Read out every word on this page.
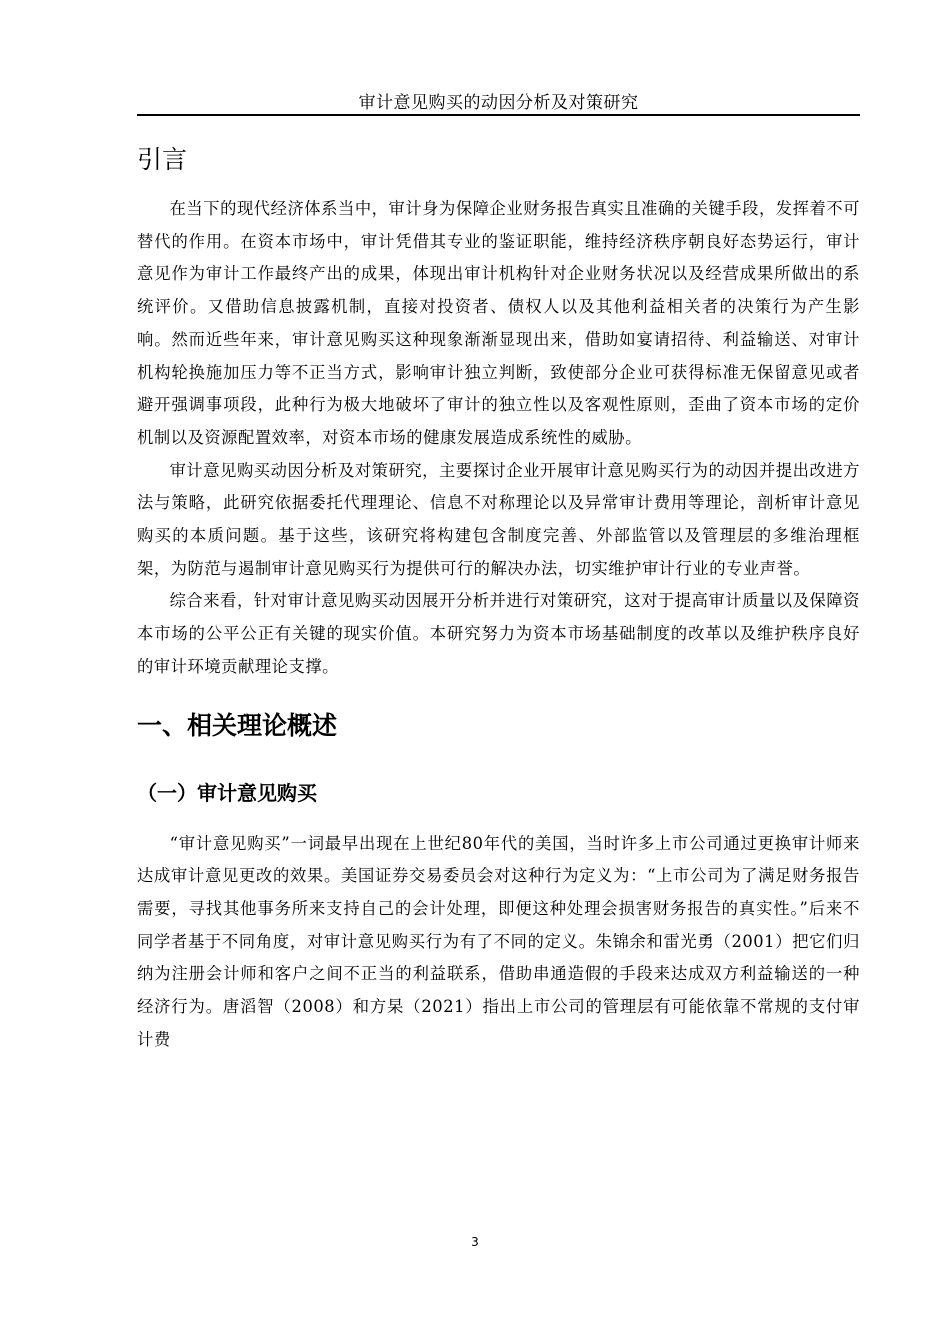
审计意见购买的动因分析及对策研究
引言

在当下的现代经济体系当中，审计身为保障企业财务报告真实且准确的关键手段，发挥着不可替代的作用。在资本市场中，审计凭借其专业的鉴证职能，维持经济秩序朝良好态势运行，审计意见作为审计工作最终产出的成果，体现出审计机构针对企业财务状况以及经营成果所做出的系统评价。又借助信息披露机制，直接对投资者、债权人以及其他利益相关者的决策行为产生影响。然而近些年来，审计意见购买这种现象渐渐显现出来，借助如宴请招待、利益输送、对审计机构轮换施加压力等不正当方式，影响审计独立判断，致使部分企业可获得标准无保留意见或者避开强调事项段，此种行为极大地破坏了审计的独立性以及客观性原则，歪曲了资本市场的定价机制以及资源配置效率，对资本市场的健康发展造成系统性的威胁。

审计意见购买动因分析及对策研究，主要探讨企业开展审计意见购买行为的动因并提出改进方法与策略，此研究依据委托代理理论、信息不对称理论以及异常审计费用等理论，剖析审计意见购买的本质问题。基于这些，该研究将构建包含制度完善、外部监管以及管理层的多维治理框架，为防范与遏制审计意见购买行为提供可行的解决办法，切实维护审计行业的专业声誉。

综合来看，针对审计意见购买动因展开分析并进行对策研究，这对于提高审计质量以及保障资本市场的公平公正有关键的现实价值。本研究努力为资本市场基础制度的改革以及维护秩序良好的审计环境贡献理论支撑。

一、相关理论概述
（一）审计意见购买

“审计意见购买”一词最早出现在上世纪80年代的美国，当时许多上市公司通过更换审计师来达成审计意见更改的效果。美国证券交易委员会对这种行为定义为：“上市公司为了满足财务报告需要，寻找其他事务所来支持自己的会计处理，即便这种处理会损害财务报告的真实性。”后来不同学者基于不同角度，对审计意见购买行为有了不同的定义。朱锦余和雷光勇（2001）把它们归纳为注册会计师和客户之间不正当的利益联系，借助串通造假的手段来达成双方利益输送的一种经济行为。唐滔智（2008）和方杲（2021）指出上市公司的管理层有可能依靠不常规的支付审计费

3
